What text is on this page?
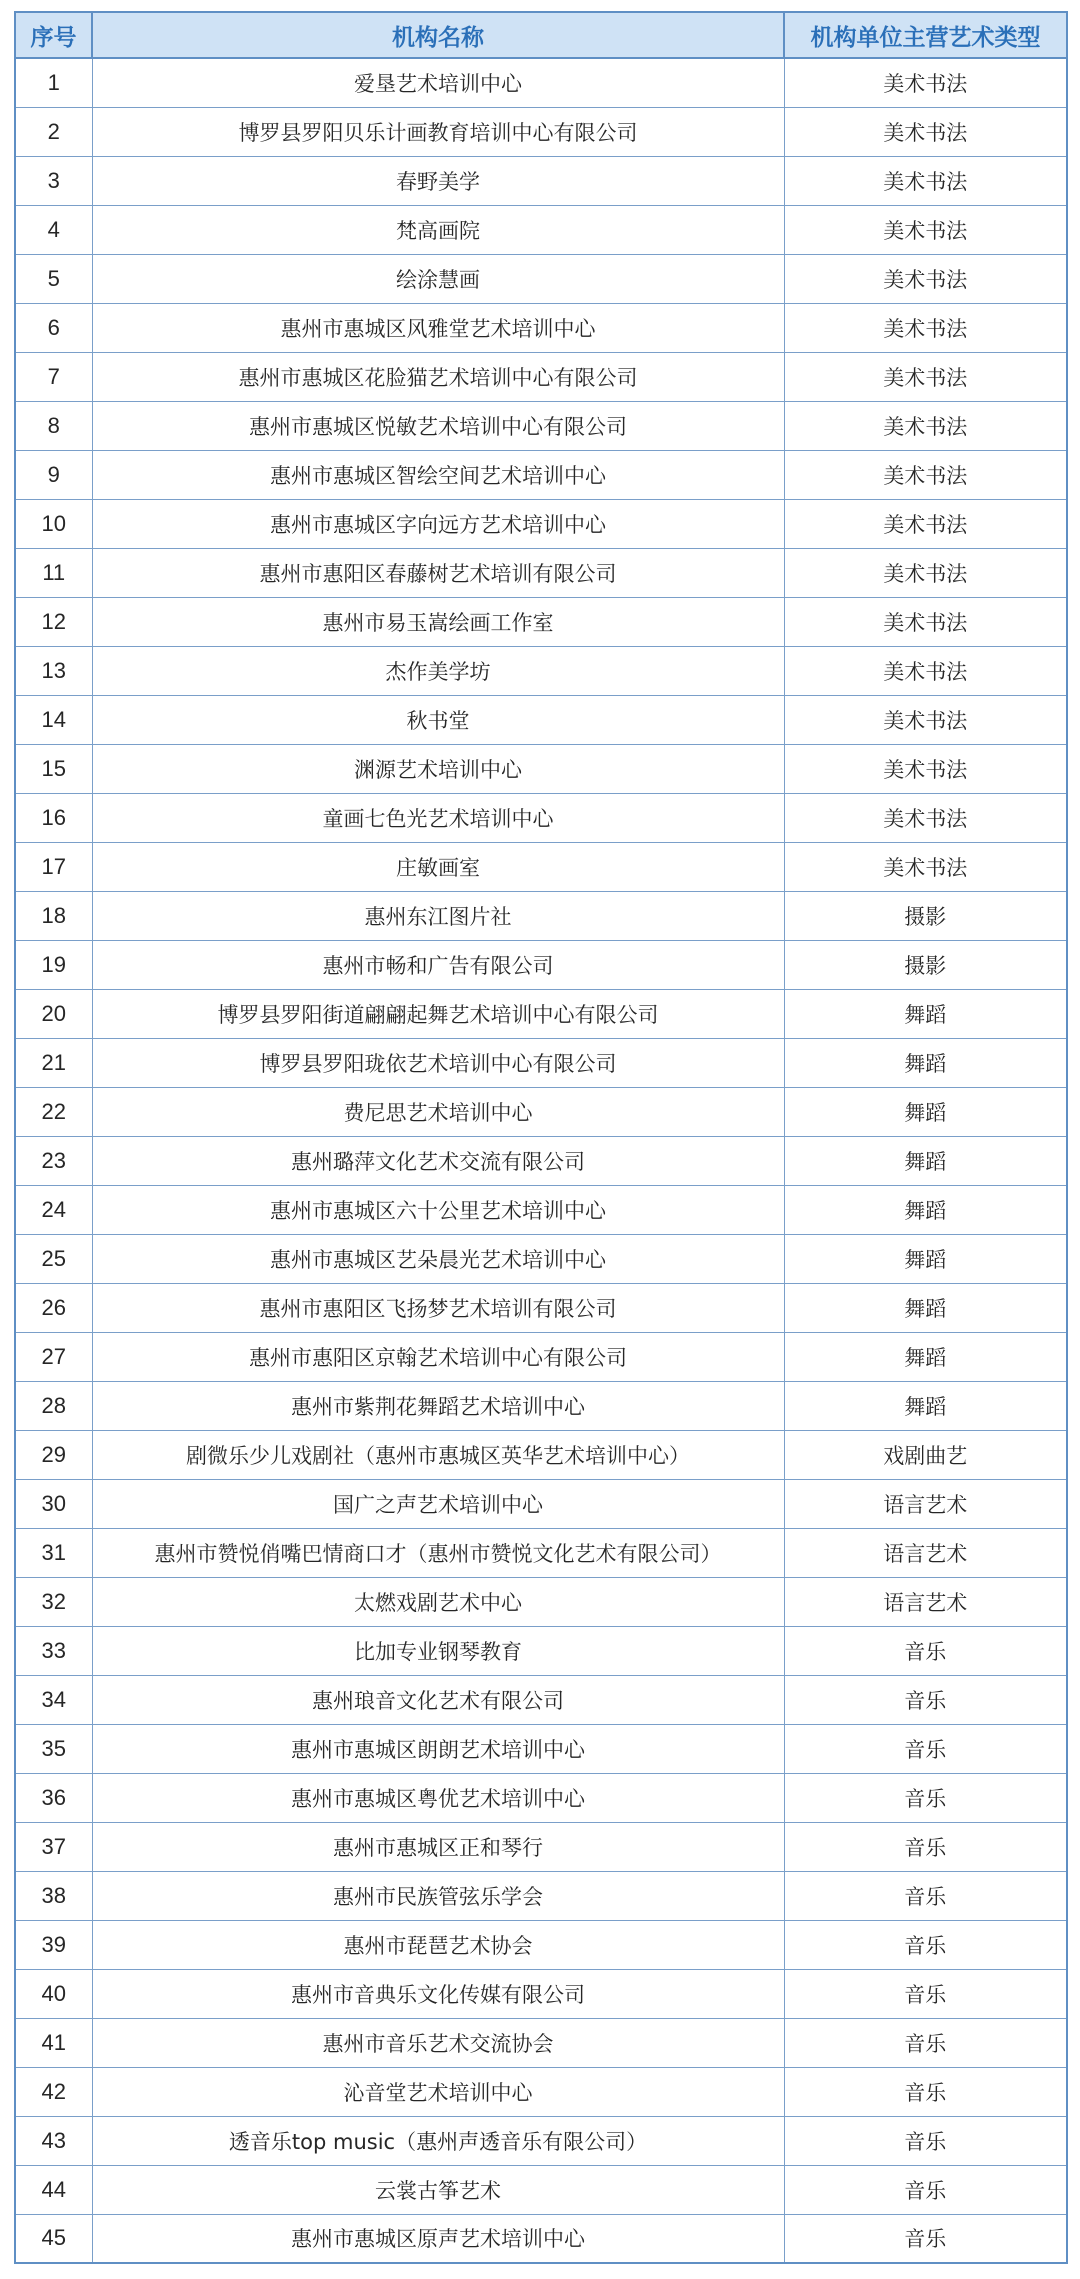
序号	机构名称	机构单位主营艺术类型
1	爱垦艺术培训中心	美术书法
2	博罗县罗阳贝乐计画教育培训中心有限公司	美术书法
3	春野美学	美术书法
4	梵高画院	美术书法
5	绘涂慧画	美术书法
6	惠州市惠城区风雅堂艺术培训中心	美术书法
7	惠州市惠城区花脸猫艺术培训中心有限公司	美术书法
8	惠州市惠城区悦敏艺术培训中心有限公司	美术书法
9	惠州市惠城区智绘空间艺术培训中心	美术书法
10	惠州市惠城区字向远方艺术培训中心	美术书法
11	惠州市惠阳区春藤树艺术培训有限公司	美术书法
12	惠州市易玉嵩绘画工作室	美术书法
13	杰作美学坊	美术书法
14	秋书堂	美术书法
15	渊源艺术培训中心	美术书法
16	童画七色光艺术培训中心	美术书法
17	庄敏画室	美术书法
18	惠州东江图片社	摄影
19	惠州市畅和广告有限公司	摄影
20	博罗县罗阳街道翩翩起舞艺术培训中心有限公司	舞蹈
21	博罗县罗阳珑依艺术培训中心有限公司	舞蹈
22	费尼思艺术培训中心	舞蹈
23	惠州璐萍文化艺术交流有限公司	舞蹈
24	惠州市惠城区六十公里艺术培训中心	舞蹈
25	惠州市惠城区艺朵晨光艺术培训中心	舞蹈
26	惠州市惠阳区飞扬梦艺术培训有限公司	舞蹈
27	惠州市惠阳区京翰艺术培训中心有限公司	舞蹈
28	惠州市紫荆花舞蹈艺术培训中心	舞蹈
29	剧微乐少儿戏剧社（惠州市惠城区英华艺术培训中心）	戏剧曲艺
30	国广之声艺术培训中心	语言艺术
31	惠州市赞悦俏嘴巴情商口才（惠州市赞悦文化艺术有限公司）	语言艺术
32	太燃戏剧艺术中心	语言艺术
33	比加专业钢琴教育	音乐
34	惠州琅音文化艺术有限公司	音乐
35	惠州市惠城区朗朗艺术培训中心	音乐
36	惠州市惠城区粤优艺术培训中心	音乐
37	惠州市惠城区正和琴行	音乐
38	惠州市民族管弦乐学会	音乐
39	惠州市琵琶艺术协会	音乐
40	惠州市音典乐文化传媒有限公司	音乐
41	惠州市音乐艺术交流协会	音乐
42	沁音堂艺术培训中心	音乐
43	透音乐top music（惠州声透音乐有限公司）	音乐
44	云裳古筝艺术	音乐
45	惠州市惠城区原声艺术培训中心	音乐
